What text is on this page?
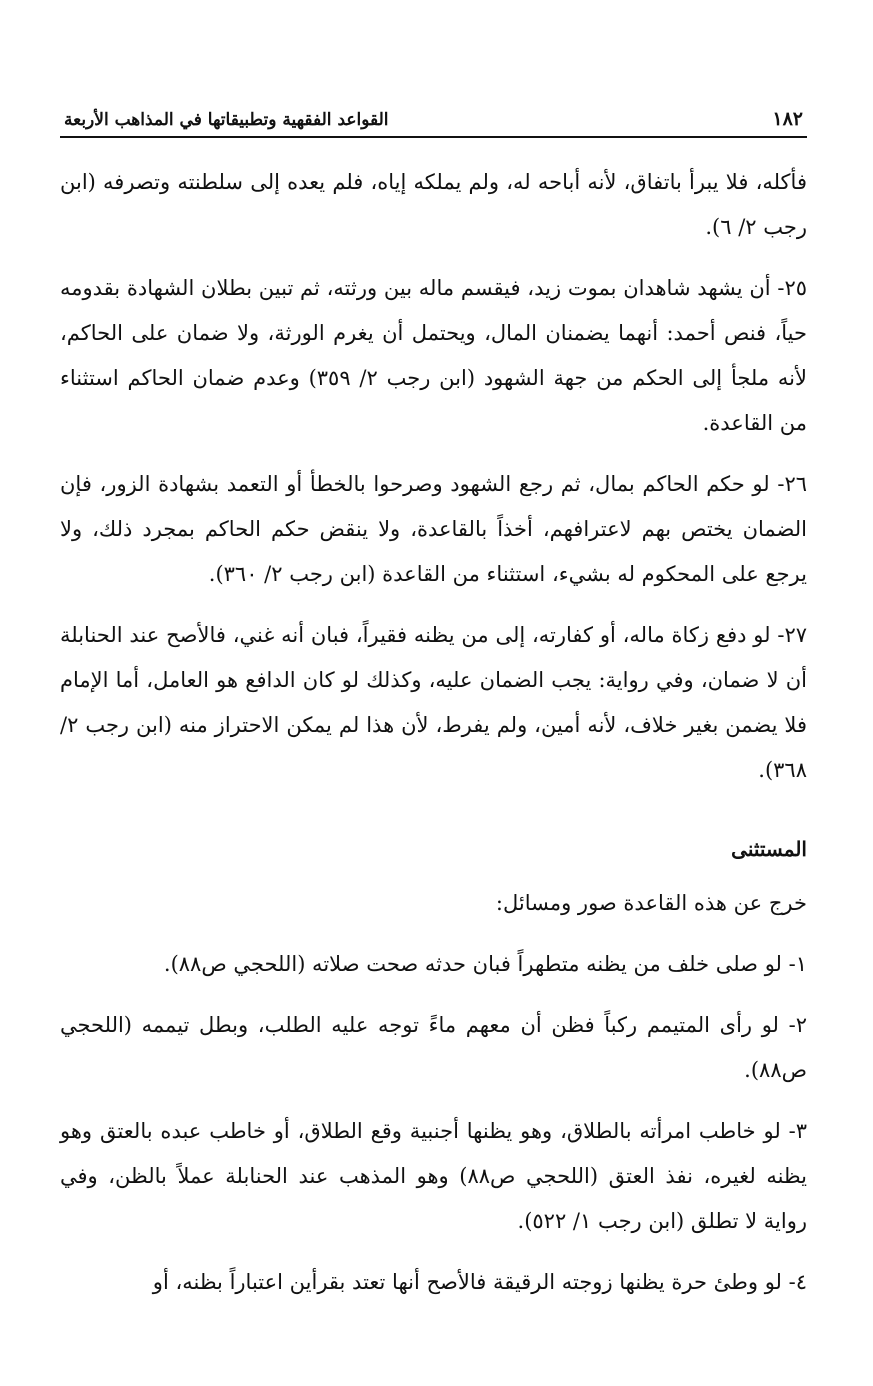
١٨٢
القواعد الفقهية وتطبيقاتها في المذاهب الأربعة

فأكله، فلا يبرأ باتفاق، لأنه أباحه له، ولم يملكه إياه، فلم يعده إلى سلطنته وتصرفه (ابن رجب ٢/ ٦).

٢٥- أن يشهد شاهدان بموت زيد، فيقسم ماله بين ورثته، ثم تبين بطلان الشهادة بقدومه حياً، فنص أحمد: أنهما يضمنان المال، ويحتمل أن يغرم الورثة، ولا ضمان على الحاكم، لأنه ملجأ إلى الحكم من جهة الشهود (ابن رجب ٢/ ٣٥٩) وعدم ضمان الحاكم استثناء من القاعدة.

٢٦- لو حكم الحاكم بمال، ثم رجع الشهود وصرحوا بالخطأ أو التعمد بشهادة الزور، فإن الضمان يختص بهم لاعترافهم، أخذاً بالقاعدة، ولا ينقض حكم الحاكم بمجرد ذلك، ولا يرجع على المحكوم له بشيء، استثناء من القاعدة (ابن رجب ٢/ ٣٦٠).

٢٧- لو دفع زكاة ماله، أو كفارته، إلى من يظنه فقيراً، فبان أنه غني، فالأصح عند الحنابلة أن لا ضمان، وفي رواية: يجب الضمان عليه، وكذلك لو كان الدافع هو العامل، أما الإمام فلا يضمن بغير خلاف، لأنه أمين، ولم يفرط، لأن هذا لم يمكن الاحتراز منه (ابن رجب ٢/ ٣٦٨).

المستثنى

خرج عن هذه القاعدة صور ومسائل:

١- لو صلى خلف من يظنه متطهراً فبان حدثه صحت صلاته (اللحجي ص٨٨).

٢- لو رأى المتيمم ركباً فظن أن معهم ماءً توجه عليه الطلب، وبطل تيممه (اللحجي ص٨٨).

٣- لو خاطب امرأته بالطلاق، وهو يظنها أجنبية وقع الطلاق، أو خاطب عبده بالعتق وهو يظنه لغيره، نفذ العتق (اللحجي ص٨٨) وهو المذهب عند الحنابلة عملاً بالظن، وفي رواية لا تطلق (ابن رجب ١/ ٥٢٢).

٤- لو وطئ حرة يظنها زوجته الرقيقة فالأصح أنها تعتد بقرأين اعتباراً بظنه، أو
